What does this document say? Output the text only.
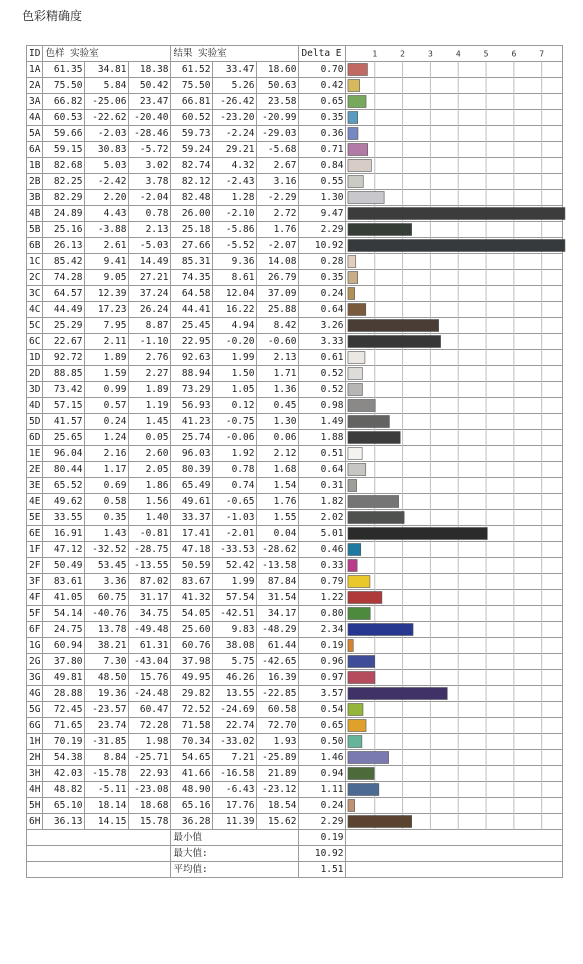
色彩精确度
ID	色样 实验室			结果 实验室			Delta E	
1A	61.35	34.81	18.38	61.52	33.47	18.60	0.70	
2A	75.50	5.84	50.42	75.50	5.26	50.63	0.42	
3A	66.82	-25.06	23.47	66.81	-26.42	23.58	0.65	
4A	60.53	-22.62	-20.40	60.52	-23.20	-20.99	0.35	
5A	59.66	-2.03	-28.46	59.73	-2.24	-29.03	0.36	
6A	59.15	30.83	-5.72	59.24	29.21	-5.68	0.71	
1B	82.68	5.03	3.02	82.74	4.32	2.67	0.84	
2B	82.25	-2.42	3.78	82.12	-2.43	3.16	0.55	
3B	82.29	2.20	-2.04	82.48	1.28	-2.29	1.30	
4B	24.89	4.43	0.78	26.00	-2.10	2.72	9.47	
5B	25.16	-3.88	2.13	25.18	-5.86	1.76	2.29	
6B	26.13	2.61	-5.03	27.66	-5.52	-2.07	10.92	
1C	85.42	9.41	14.49	85.31	9.36	14.08	0.28	
2C	74.28	9.05	27.21	74.35	8.61	26.79	0.35	
3C	64.57	12.39	37.24	64.58	12.04	37.09	0.24	
4C	44.49	17.23	26.24	44.41	16.22	25.88	0.64	
5C	25.29	7.95	8.87	25.45	4.94	8.42	3.26	
6C	22.67	2.11	-1.10	22.95	-0.20	-0.60	3.33	
1D	92.72	1.89	2.76	92.63	1.99	2.13	0.61	
2D	88.85	1.59	2.27	88.94	1.50	1.71	0.52	
3D	73.42	0.99	1.89	73.29	1.05	1.36	0.52	
4D	57.15	0.57	1.19	56.93	0.12	0.45	0.98	
5D	41.57	0.24	1.45	41.23	-0.75	1.30	1.49	
6D	25.65	1.24	0.05	25.74	-0.06	0.06	1.88	
1E	96.04	2.16	2.60	96.03	1.92	2.12	0.51	
2E	80.44	1.17	2.05	80.39	0.78	1.68	0.64	
3E	65.52	0.69	1.86	65.49	0.74	1.54	0.31	
4E	49.62	0.58	1.56	49.61	-0.65	1.76	1.82	
5E	33.55	0.35	1.40	33.37	-1.03	1.55	2.02	
6E	16.91	1.43	-0.81	17.41	-2.01	0.04	5.01	
1F	47.12	-32.52	-28.75	47.18	-33.53	-28.62	0.46	
2F	50.49	53.45	-13.55	50.59	52.42	-13.58	0.33	
3F	83.61	3.36	87.02	83.67	1.99	87.84	0.79	
4F	41.05	60.75	31.17	41.32	57.54	31.54	1.22	
5F	54.14	-40.76	34.75	54.05	-42.51	34.17	0.80	
6F	24.75	13.78	-49.48	25.60	9.83	-48.29	2.34	
1G	60.94	38.21	61.31	60.76	38.08	61.44	0.19	
2G	37.80	7.30	-43.04	37.98	5.75	-42.65	0.96	
3G	49.81	48.50	15.76	49.95	46.26	16.39	0.97	
4G	28.88	19.36	-24.48	29.82	13.55	-22.85	3.57	
5G	72.45	-23.57	60.47	72.52	-24.69	60.58	0.54	
6G	71.65	23.74	72.28	71.58	22.74	72.70	0.65	
1H	70.19	-31.85	1.98	70.34	-33.02	1.93	0.50	
2H	54.38	8.84	-25.71	54.65	7.21	-25.89	1.46	
3H	42.03	-15.78	22.93	41.66	-16.58	21.89	0.94	
4H	48.82	-5.11	-23.08	48.90	-6.43	-23.12	1.11	
5H	65.10	18.14	18.68	65.16	17.76	18.54	0.24	
6H	36.13	14.15	15.78	36.28	11.39	15.62	2.29	
				最小值			0.19	
				最大值:			10.92	
				平均值:			1.51	
1	2	3	4	5	6	7
